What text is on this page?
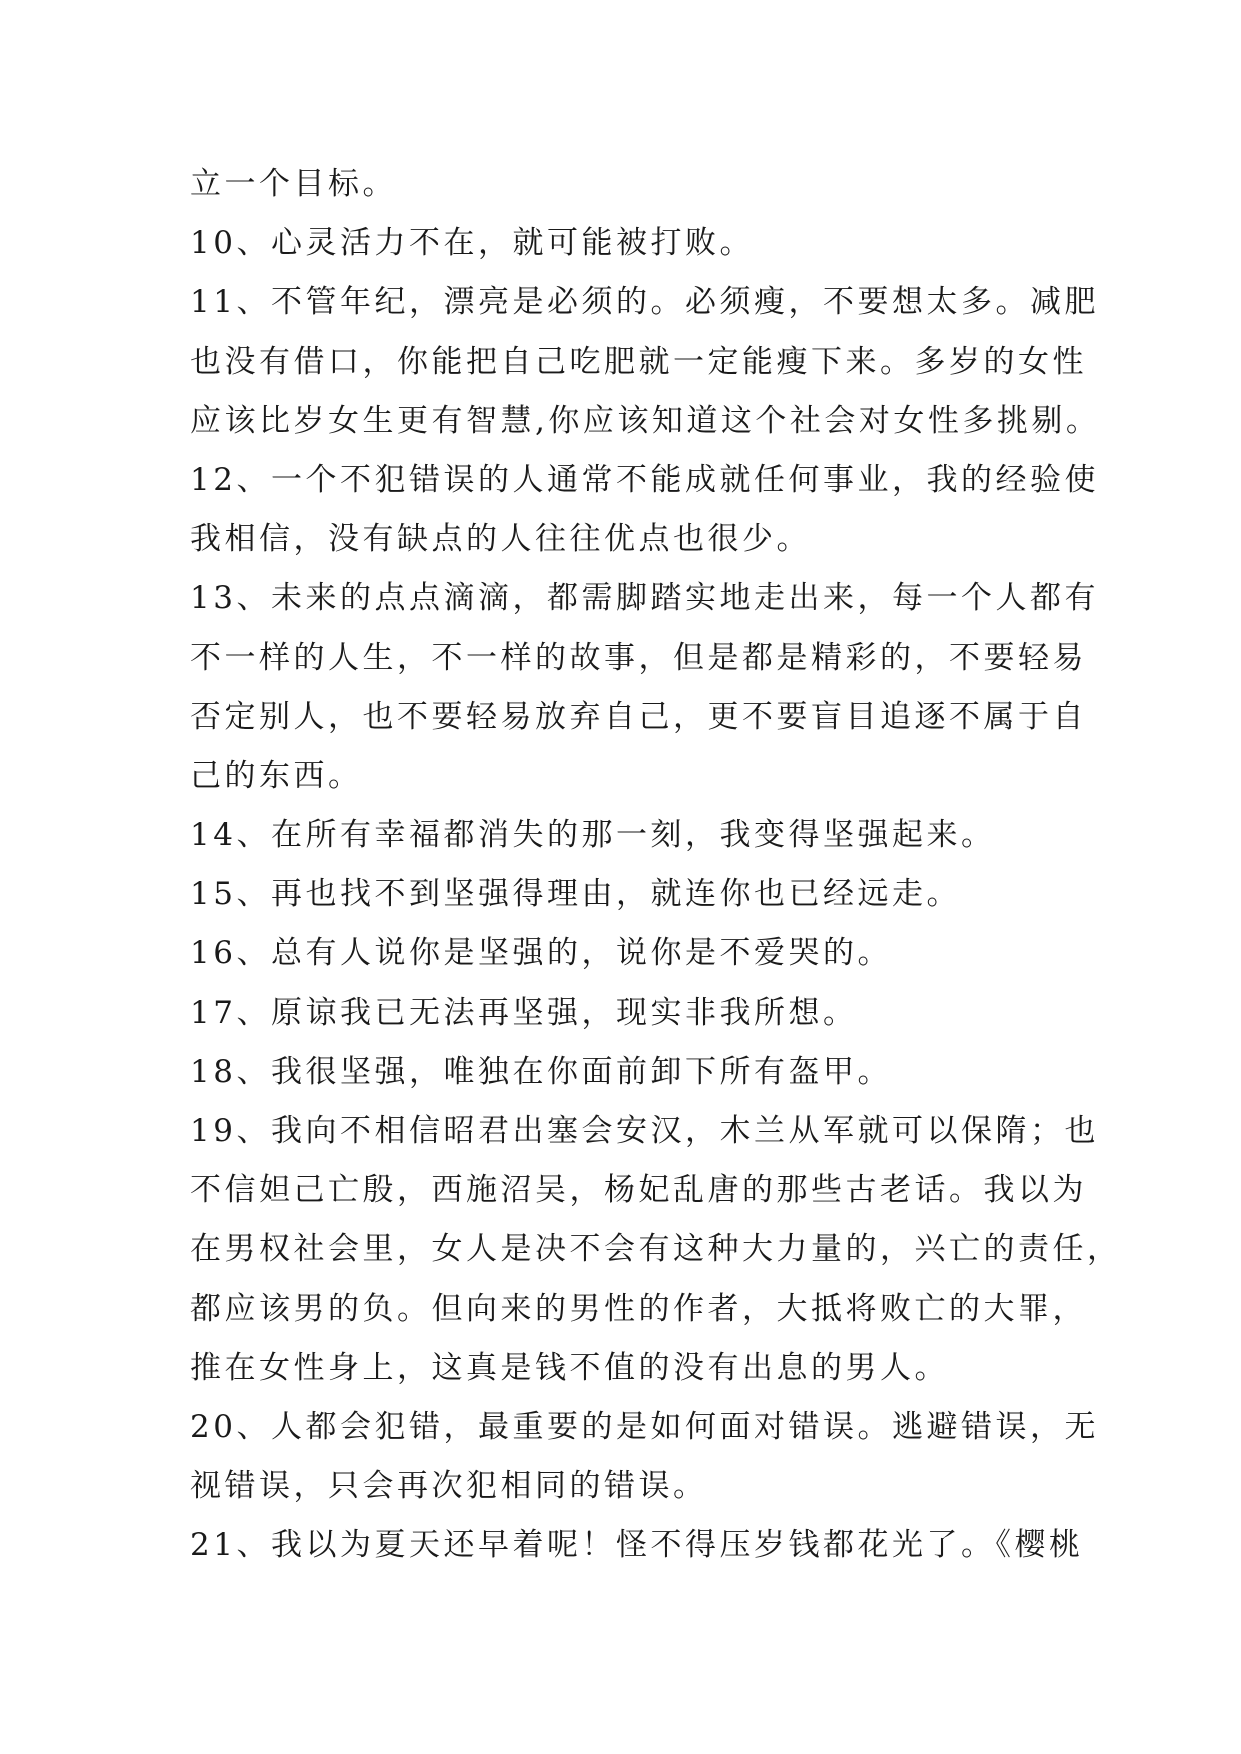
立一个目标。
10、心灵活力不在，就可能被打败。
11、不管年纪，漂亮是必须的。必须瘦，不要想太多。减肥
也没有借口，你能把自己吃肥就一定能瘦下来。多岁的女性
应该比岁女生更有智慧,你应该知道这个社会对女性多挑剔。
12、一个不犯错误的人通常不能成就任何事业，我的经验使
我相信，没有缺点的人往往优点也很少。
13、未来的点点滴滴，都需脚踏实地走出来，每一个人都有
不一样的人生，不一样的故事，但是都是精彩的，不要轻易
否定别人，也不要轻易放弃自己，更不要盲目追逐不属于自
己的东西。
14、在所有幸福都消失的那一刻，我变得坚强起来。
15、再也找不到坚强得理由，就连你也已经远走。
16、总有人说你是坚强的，说你是不爱哭的。
17、原谅我已无法再坚强，现实非我所想。
18、我很坚强，唯独在你面前卸下所有盔甲。
19、我向不相信昭君出塞会安汉，木兰从军就可以保隋；也
不信妲己亡殷，西施沼吴，杨妃乱唐的那些古老话。我以为
在男权社会里，女人是决不会有这种大力量的，兴亡的责任，
都应该男的负。但向来的男性的作者，大抵将败亡的大罪，
推在女性身上，这真是钱不值的没有出息的男人。
20、人都会犯错，最重要的是如何面对错误。逃避错误，无
视错误，只会再次犯相同的错误。
21、我以为夏天还早着呢！怪不得压岁钱都花光了。《樱桃
